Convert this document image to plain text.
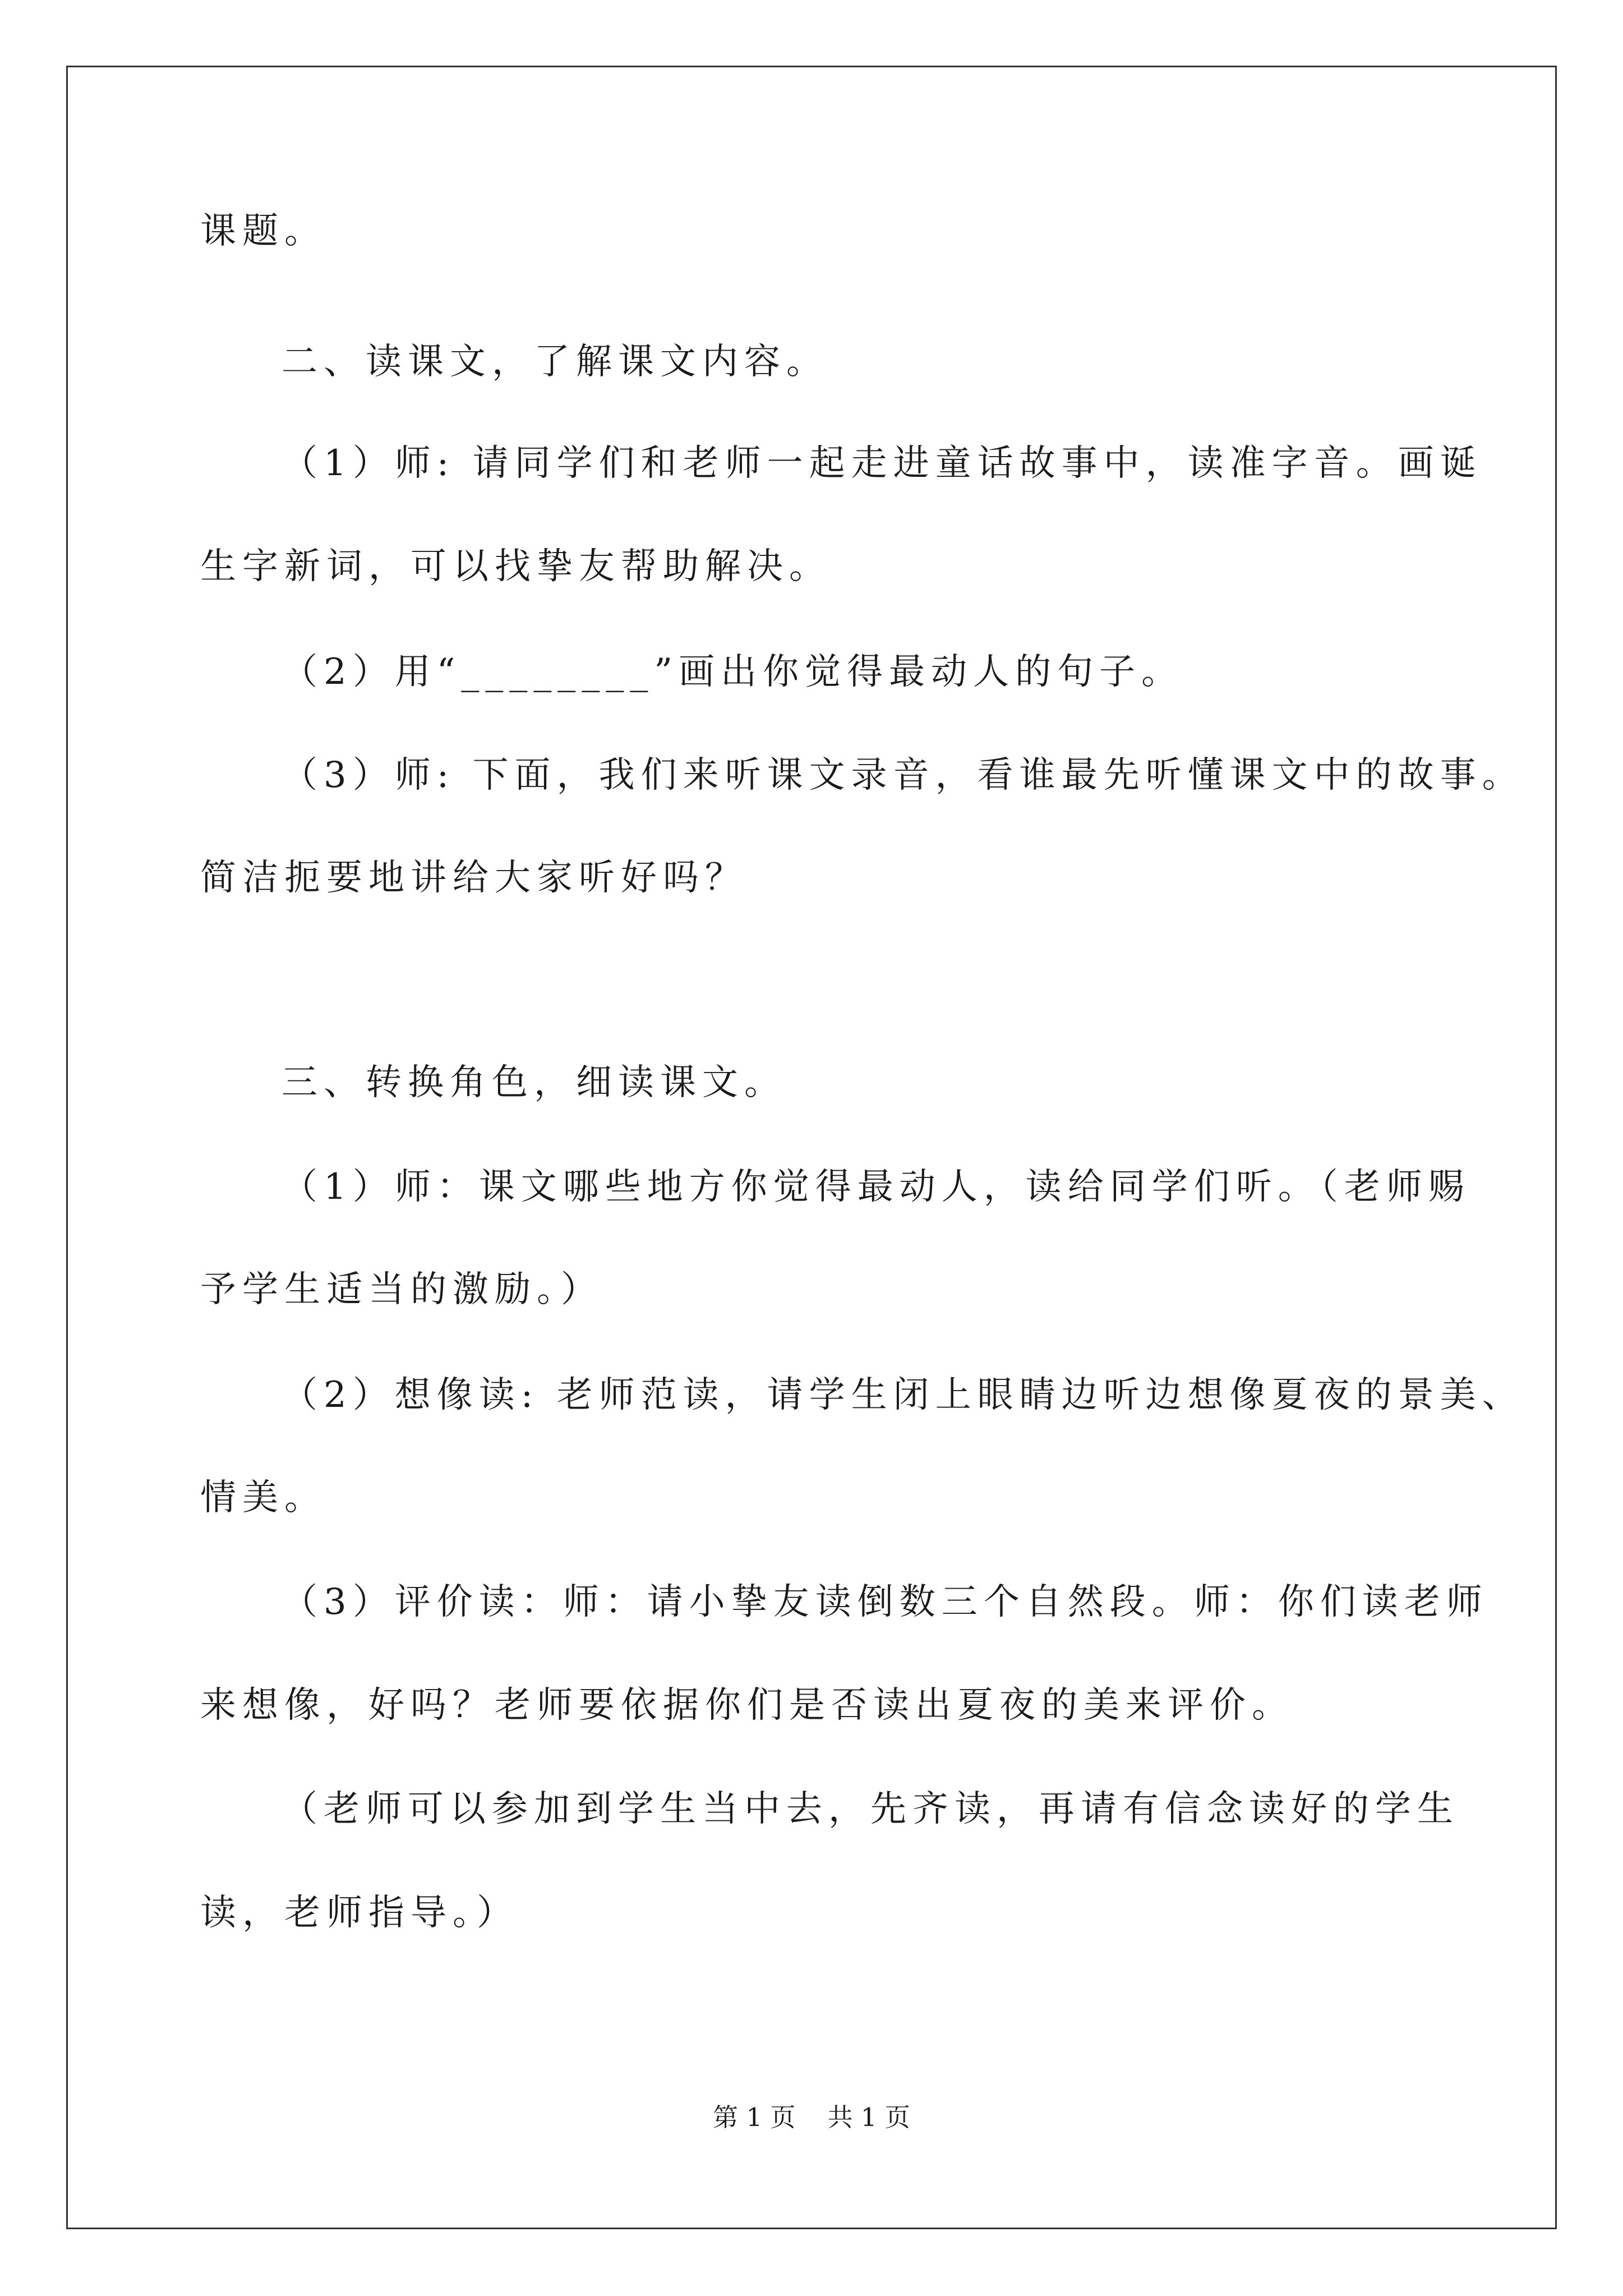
课题。
二、读课文，了解课文内容。
（1）师: 请同学们和老师一起走进童话故事中，读准字音。画诞
生字新词，可以找挚友帮助解决。
（2）用“________”画出你觉得最动人的句子。
（3）师: 下面，我们来听课文录音，看谁最先听懂课文中的故事。
简洁扼要地讲给大家听好吗？
三、转换角色，细读课文。
（1）师：课文哪些地方你觉得最动人，读给同学们听。（老师赐
予学生适当的激励。）
（2）想像读: 老师范读，请学生闭上眼睛边听边想像夏夜的景美、
情美。
（3）评价读：师：请小挚友读倒数三个自然段。师：你们读老师
来想像，好吗？老师要依据你们是否读出夏夜的美来评价。
（老师可以参加到学生当中去，先齐读，再请有信念读好的学生
读，老师指导。）
第 1 页    共 1 页
